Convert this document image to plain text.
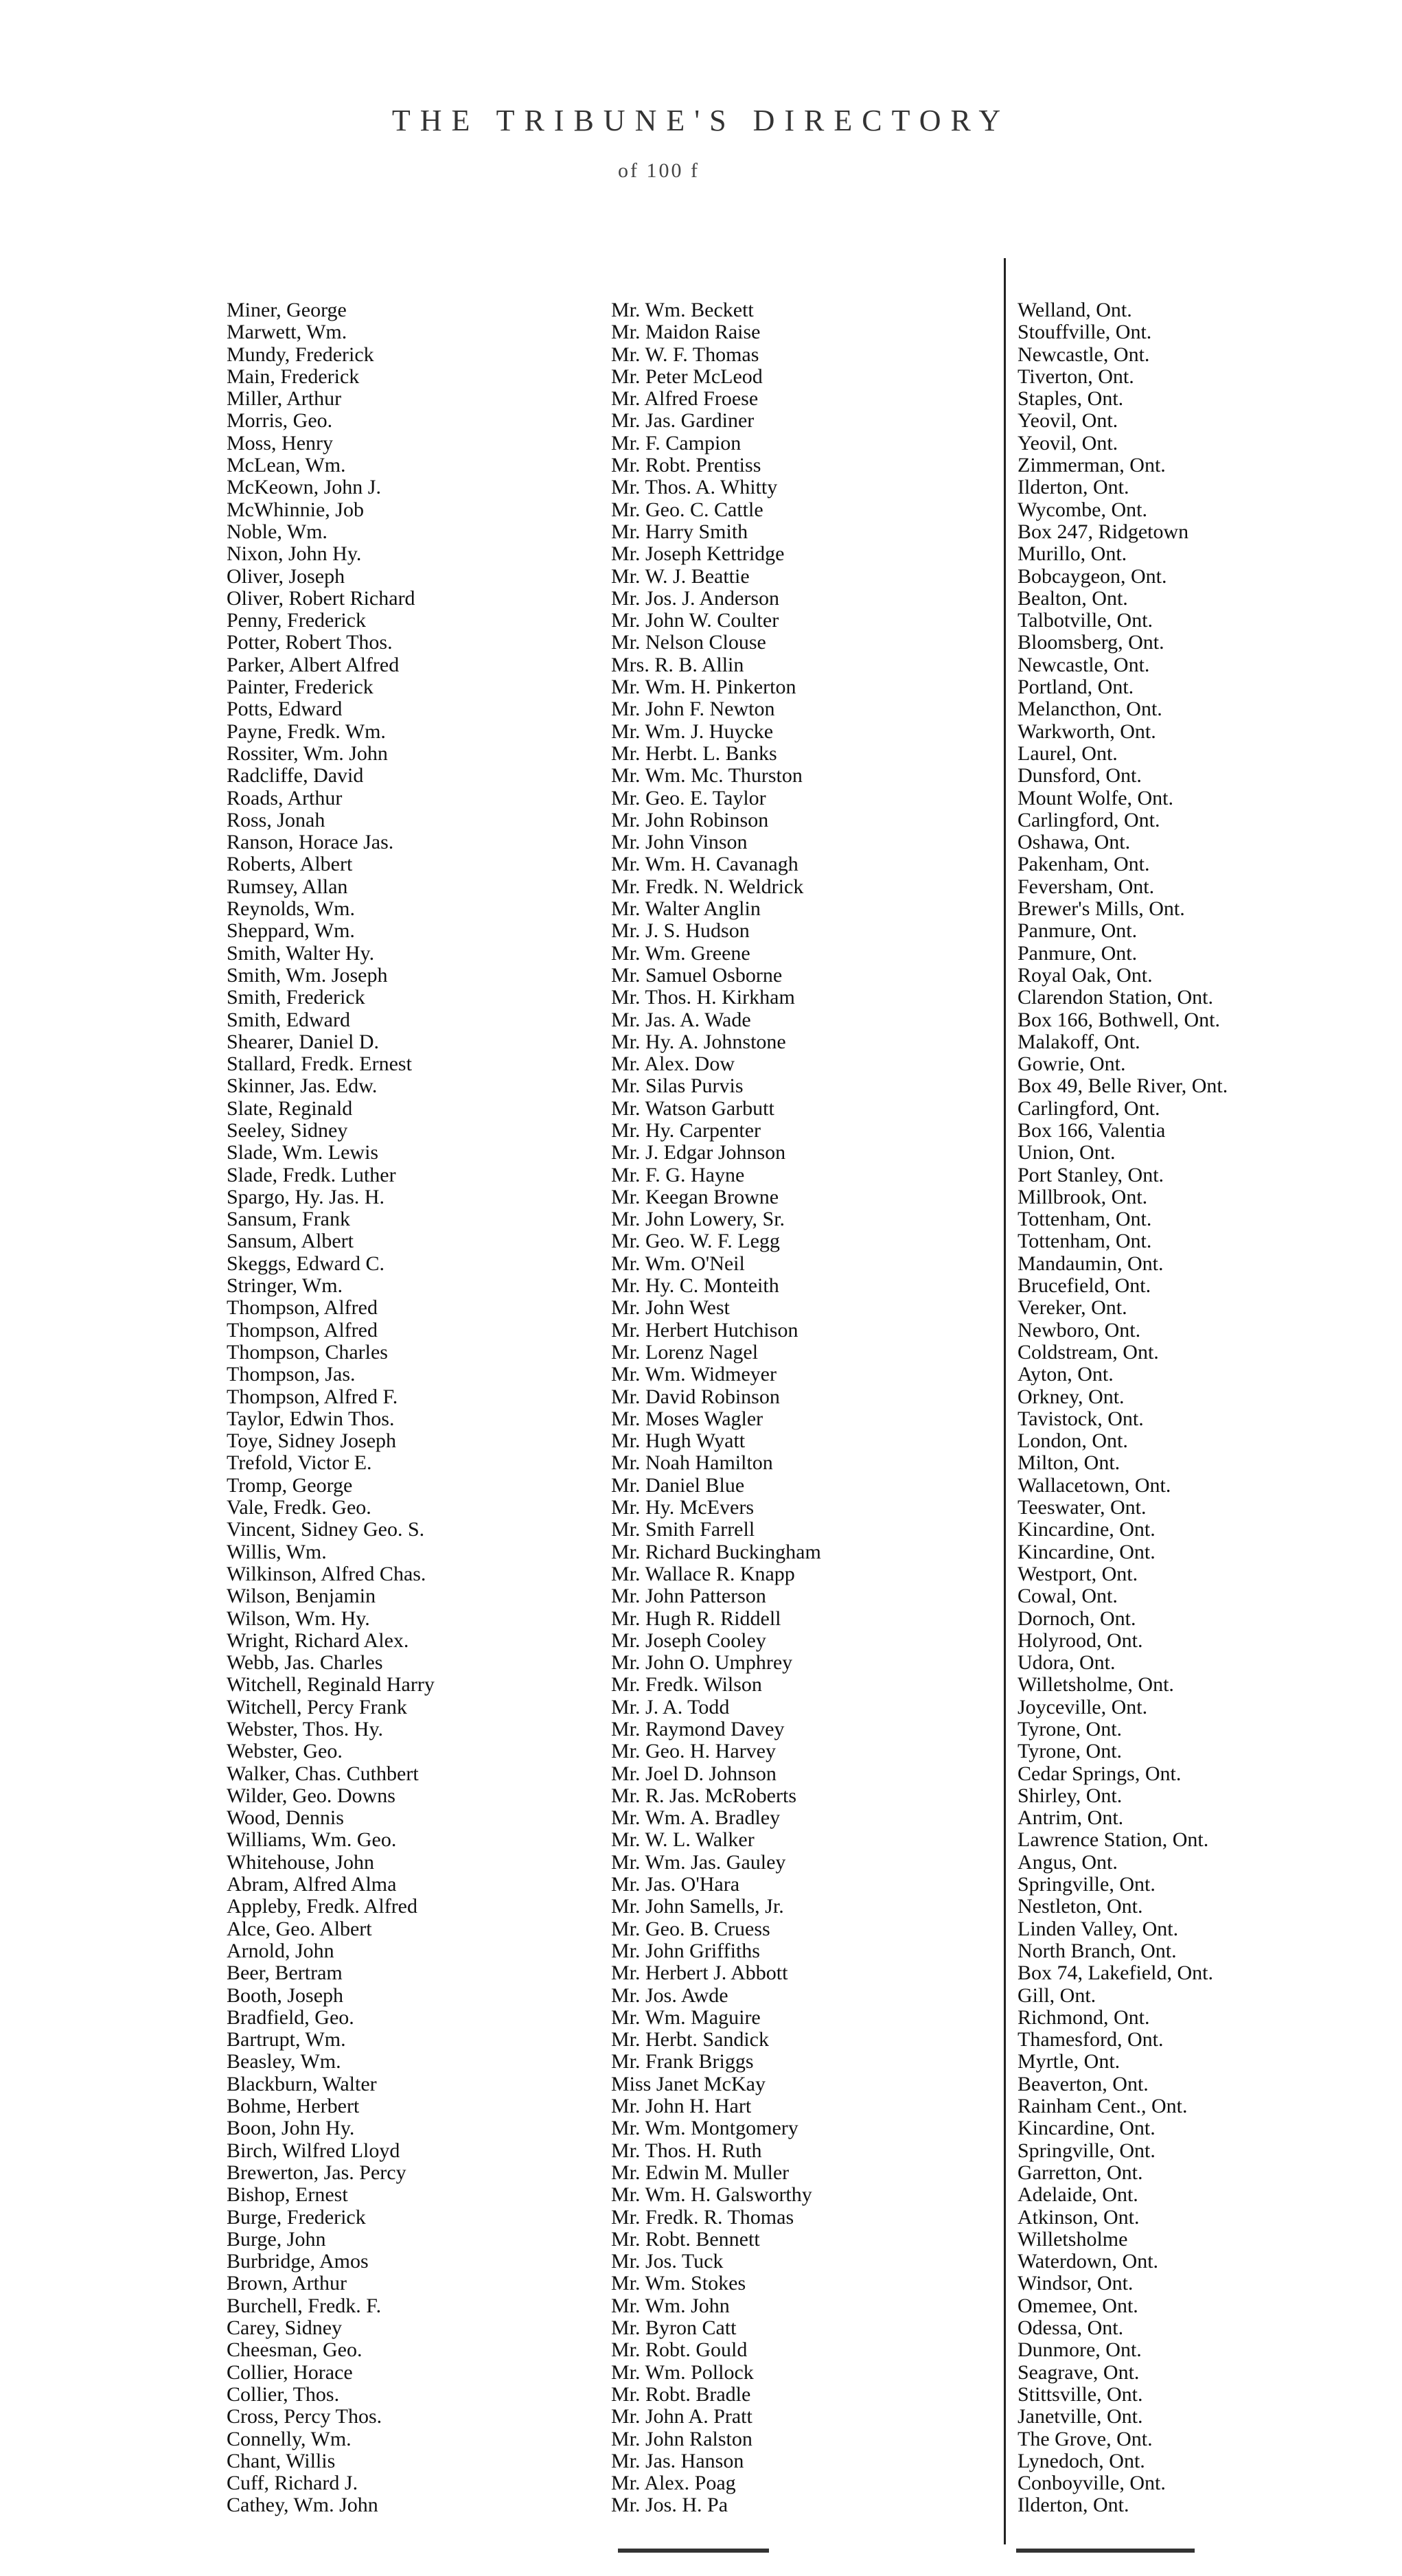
THE TRIBUNE'S DIRECTORY
of 100 f
Miner, George
Marwett, Wm.
Mundy, Frederick
Main, Frederick
Miller, Arthur
Morris, Geo.
Moss, Henry
McLean, Wm.
McKeown, John J.
McWhinnie, Job
Noble, Wm.
Nixon, John Hy.
Oliver, Joseph
Oliver, Robert Richard
Penny, Frederick
Potter, Robert Thos.
Parker, Albert Alfred
Painter, Frederick
Potts, Edward
Payne, Fredk. Wm.
Rossiter, Wm. John
Radcliffe, David
Roads, Arthur
Ross, Jonah
Ranson, Horace Jas.
Roberts, Albert
Rumsey, Allan
Reynolds, Wm.
Sheppard, Wm.
Smith, Walter Hy.
Smith, Wm. Joseph
Smith, Frederick
Smith, Edward
Shearer, Daniel D.
Stallard, Fredk. Ernest
Skinner, Jas. Edw.
Slate, Reginald
Seeley, Sidney
Slade, Wm. Lewis
Slade, Fredk. Luther
Spargo, Hy. Jas. H.
Sansum, Frank
Sansum, Albert
Skeggs, Edward C.
Stringer, Wm.
Thompson, Alfred
Thompson, Alfred
Thompson, Charles
Thompson, Jas.
Thompson, Alfred F.
Taylor, Edwin Thos.
Toye, Sidney Joseph
Trefold, Victor E.
Tromp, George
Vale, Fredk. Geo.
Vincent, Sidney Geo. S.
Willis, Wm.
Wilkinson, Alfred Chas.
Wilson, Benjamin
Wilson, Wm. Hy.
Wright, Richard Alex.
Webb, Jas. Charles
Witchell, Reginald Harry
Witchell, Percy Frank
Webster, Thos. Hy.
Webster, Geo.
Walker, Chas. Cuthbert
Wilder, Geo. Downs
Wood, Dennis
Williams, Wm. Geo.
Whitehouse, John
Abram, Alfred Alma
Appleby, Fredk. Alfred
Alce, Geo. Albert
Arnold, John
Beer, Bertram
Booth, Joseph
Bradfield, Geo.
Bartrupt, Wm.
Beasley, Wm.
Blackburn, Walter
Bohme, Herbert
Boon, John Hy.
Birch, Wilfred Lloyd
Brewerton, Jas. Percy
Bishop, Ernest
Burge, Frederick
Burge, John
Burbridge, Amos
Brown, Arthur
Burchell, Fredk. F.
Carey, Sidney
Cheesman, Geo.
Collier, Horace
Collier, Thos.
Cross, Percy Thos.
Connelly, Wm.
Chant, Willis
Cuff, Richard J.
Cathey, Wm. John
Mr. Wm. Beckett
Mr. Maidon Raise
Mr. W. F. Thomas
Mr. Peter McLeod
Mr. Alfred Froese
Mr. Jas. Gardiner
Mr. F. Campion
Mr. Robt. Prentiss
Mr. Thos. A. Whitty
Mr. Geo. C. Cattle
Mr. Harry Smith
Mr. Joseph Kettridge
Mr. W. J. Beattie
Mr. Jos. J. Anderson
Mr. John W. Coulter
Mr. Nelson Clouse
Mrs. R. B. Allin
Mr. Wm. H. Pinkerton
Mr. John F. Newton
Mr. Wm. J. Huycke
Mr. Herbt. L. Banks
Mr. Wm. Mc. Thurston
Mr. Geo. E. Taylor
Mr. John Robinson
Mr. John Vinson
Mr. Wm. H. Cavanagh
Mr. Fredk. N. Weldrick
Mr. Walter Anglin
Mr. J. S. Hudson
Mr. Wm. Greene
Mr. Samuel Osborne
Mr. Thos. H. Kirkham
Mr. Jas. A. Wade
Mr. Hy. A. Johnstone
Mr. Alex. Dow
Mr. Silas Purvis
Mr. Watson Garbutt
Mr. Hy. Carpenter
Mr. J. Edgar Johnson
Mr. F. G. Hayne
Mr. Keegan Browne
Mr. John Lowery, Sr.
Mr. Geo. W. F. Legg
Mr. Wm. O'Neil
Mr. Hy. C. Monteith
Mr. John West
Mr. Herbert Hutchison
Mr. Lorenz Nagel
Mr. Wm. Widmeyer
Mr. David Robinson
Mr. Moses Wagler
Mr. Hugh Wyatt
Mr. Noah Hamilton
Mr. Daniel Blue
Mr. Hy. McEvers
Mr. Smith Farrell
Mr. Richard Buckingham
Mr. Wallace R. Knapp
Mr. John Patterson
Mr. Hugh R. Riddell
Mr. Joseph Cooley
Mr. John O. Umphrey
Mr. Fredk. Wilson
Mr. J. A. Todd
Mr. Raymond Davey
Mr. Geo. H. Harvey
Mr. Joel D. Johnson
Mr. R. Jas. McRoberts
Mr. Wm. A. Bradley
Mr. W. L. Walker
Mr. Wm. Jas. Gauley
Mr. Jas. O'Hara
Mr. John Samells, Jr.
Mr. Geo. B. Cruess
Mr. John Griffiths
Mr. Herbert J. Abbott
Mr. Jos. Awde
Mr. Wm. Maguire
Mr. Herbt. Sandick
Mr. Frank Briggs
Miss Janet McKay
Mr. John H. Hart
Mr. Wm. Montgomery
Mr. Thos. H. Ruth
Mr. Edwin M. Muller
Mr. Wm. H. Galsworthy
Mr. Fredk. R. Thomas
Mr. Robt. Bennett
Mr. Jos. Tuck
Mr. Wm. Stokes
Mr. Wm. John
Mr. Byron Catt
Mr. Robt. Gould
Mr. Wm. Pollock
Mr. Robt. Bradle
Mr. John A. Pratt
Mr. John Ralston
Mr. Jas. Hanson
Mr. Alex. Poag
Mr. Jos. H. Pa
Welland, Ont.
Stouffville, Ont.
Newcastle, Ont.
Tiverton, Ont.
Staples, Ont.
Yeovil, Ont.
Yeovil, Ont.
Zimmerman, Ont.
Ilderton, Ont.
Wycombe, Ont.
Box 247, Ridgetown
Murillo, Ont.
Bobcaygeon, Ont.
Bealton, Ont.
Talbotville, Ont.
Bloomsberg, Ont.
Newcastle, Ont.
Portland, Ont.
Melancthon, Ont.
Warkworth, Ont.
Laurel, Ont.
Dunsford, Ont.
Mount Wolfe, Ont.
Carlingford, Ont.
Oshawa, Ont.
Pakenham, Ont.
Feversham, Ont.
Brewer's Mills, Ont.
Panmure, Ont.
Panmure, Ont.
Royal Oak, Ont.
Clarendon Station, Ont.
Box 166, Bothwell, Ont.
Malakoff, Ont.
Gowrie, Ont.
Box 49, Belle River, Ont.
Carlingford, Ont.
Box 166, Valentia
Union, Ont.
Port Stanley, Ont.
Millbrook, Ont.
Tottenham, Ont.
Tottenham, Ont.
Mandaumin, Ont.
Brucefield, Ont.
Vereker, Ont.
Newboro, Ont.
Coldstream, Ont.
Ayton, Ont.
Orkney, Ont.
Tavistock, Ont.
London, Ont.
Milton, Ont.
Wallacetown, Ont.
Teeswater, Ont.
Kincardine, Ont.
Kincardine, Ont.
Westport, Ont.
Cowal, Ont.
Dornoch, Ont.
Holyrood, Ont.
Udora, Ont.
Willetsholme, Ont.
Joyceville, Ont.
Tyrone, Ont.
Tyrone, Ont.
Cedar Springs, Ont.
Shirley, Ont.
Antrim, Ont.
Lawrence Station, Ont.
Angus, Ont.
Springville, Ont.
Nestleton, Ont.
Linden Valley, Ont.
North Branch, Ont.
Box 74, Lakefield, Ont.
Gill, Ont.
Richmond, Ont.
Thamesford, Ont.
Myrtle, Ont.
Beaverton, Ont.
Rainham Cent., Ont.
Kincardine, Ont.
Springville, Ont.
Garretton, Ont.
Adelaide, Ont.
Atkinson, Ont.
Willetsholme
Waterdown, Ont.
Windsor, Ont.
Omemee, Ont.
Odessa, Ont.
Dunmore, Ont.
Seagrave, Ont.
Stittsville, Ont.
Janetville, Ont.
The Grove, Ont.
Lynedoch, Ont.
Conboyville, Ont.
Ilderton, Ont.
